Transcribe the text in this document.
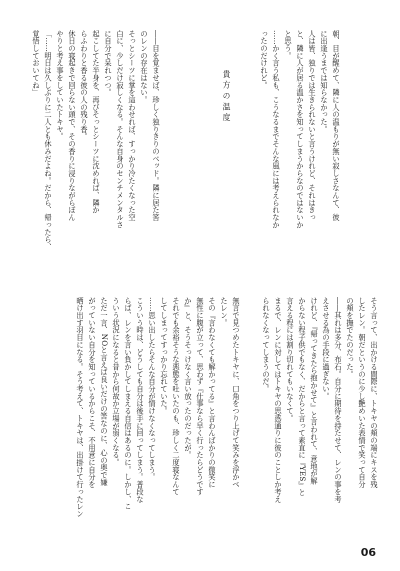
朝、目が醒めて、隣に人の温もりが無い寂しさなんて、彼

に出逢うまでは知らなかった。

人は皆、独りでは生きられないと言うけれど、それはきっ

と、隣に人が居る温かさを知ってしまうからなのではないか

と思う。

……かく言う私も、こうなるまでそんな風には考えられなか

ったのだけれど。

貴方の温度

――目を覚ませば、珍しく独りきりのベッド。隣に居た筈

のレンの存在はない。

そっとシーツに掌を這わせれば、すっかり冷たくなった空

白に、少しだけ寂しくなる。そんな自身のセンチメンタルさ

に自分で呆れつつ。

起こしてた半身を、再びそっとシーツに沈めれば、隣か

らふわりと香る彼の人の残り香。

休日の寝起きで回らない頭で、その香りに浸りながらぼん

やりと考え事をしていたトキヤ。

「……明日は久しぶりに二人とも休みだよね。だから、帰ったら、

覚悟しておいてね」

そう言って、出かける間際に、トキヤの頬の端にキスを残

したレン。朝だというのに少し艶めいた表情で笑って自分

の頬を撫でたのだった。

――其れは多分、布石。自分に期待を持たせて、レンの事を考

えさせる為の手段に過ぎない。

けれど、『帰ってきたら抱かせて』と言われて、意地が解

からない程子供でもなく、だからと言って素直に『YES』と

言える程には割り切れてもいなくて。

まるで、レンに対してはトキヤの思惑通りに彼のことしか考え

られなくなってしまうのだ。

無言で見つめたトキヤに、口角をつり上げて笑みを浮かべ

たレン。

その『言わなくても解かってる』と言わんばかりの微笑に

無性に腹が立って、思わず『仕事なら早く行ったらどうです

か』と、そうそっけなく言い放ったのだったが。

それでも余裕そうな悪態を吐いたのも、珍しく二度寝なんて

してしまってすっかり忘れていた。

……思い出したらそんな自分が情けなくなってしまう。

こういう時は、どうしても自分は後手に回ってしまう。普段な

らば、レンを言い負かしてしまえる自信はあるのに。しかし、こ

ういう状況になると昔から何故か立場が弱くなる。

ただ一言、NOと言えば良いだけの筈なのに、心の奥で嫌

がっていない自分を知っているからこそ、不用意に自分を

晒け出す羽目になる。そう考えて、トキヤは、出掛けて行ったレン

06
